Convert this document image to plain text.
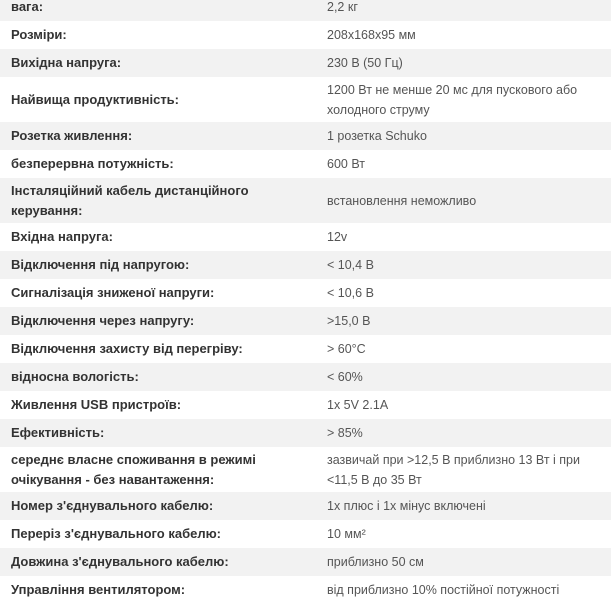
вага:	2,2 кг
Розміри:	208x168x95 мм
Вихідна напруга:	230 В (50 Гц)
Найвища продуктивність:	1200 Вт не менше 20 мс для пускового або холодного струму
Розетка живлення:	1 розетка Schuko
безперервна потужність:	600 Вт
Інсталяційний кабель дистанційного керування:	встановлення неможливо
Вхідна напруга:	12v
Відключення під напругою:	< 10,4 В
Сигналізація зниженої напруги:	< 10,6 В
Відключення через напругу:	>15,0 В
Відключення захисту від перегріву:	> 60°C
відносна вологість:	< 60%
Живлення USB пристроїв:	1x 5V 2.1A
Ефективність:	> 85%
середнє власне споживання в режимі очікування - без навантаження:	зазвичай при >12,5 В приблизно 13 Вт і при <11,5 В до 35 Вт
Номер з'єднувального кабелю:	1x плюс і 1x мінус включені
Переріз з'єднувального кабелю:	10 мм²
Довжина з'єднувального кабелю:	приблизно 50 см
Управління вентилятором:	від приблизно 10% постійної потужності
